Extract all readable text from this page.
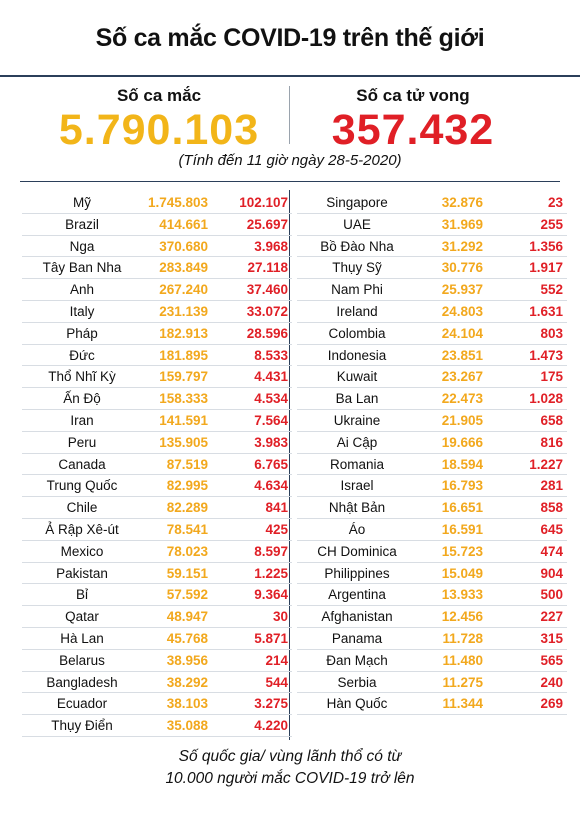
Số ca mắc COVID-19 trên thế giới
Số ca mắc
5.790.103
Số ca tử vong
357.432
(Tính đến 11 giờ ngày 28-5-2020)
Mỹ	1.745.803 102.107
Brazil	414.661	25.697
Nga	370.680	3.968
Tây Ban Nha	283.849	27.118
Anh	267.240	37.460
Italy	231.139	33.072
Pháp	182.913	28.596
Đức	181.895	8.533
Thổ Nhĩ Kỳ	159.797	4.431
Ấn Độ	158.333	4.534
Iran	141.591	7.564
Peru	135.905	3.983
Canada	87.519	6.765
Trung Quốc	82.995	4.634
Chile	82.289	841
Ả Rập Xê-út	78.541	425
Mexico	78.023	8.597
Pakistan	59.151	1.225
Bỉ	57.592	9.364
Qatar	48.947	30
Hà Lan	45.768	5.871
Belarus	38.956	214
Bangladesh	38.292	544
Ecuador	38.103	3.275
Thụy Điển	35.088	4.220
Singapore	32.876	23
UAE	31.969	255
Bồ Đào Nha	31.292	1.356
Thụy Sỹ	30.776	1.917
Nam Phi	25.937	552
Ireland	24.803	1.631
Colombia	24.104	803
Indonesia	23.851	1.473
Kuwait	23.267	175
Ba Lan	22.473	1.028
Ukraine	21.905	658
Ai Cập	19.666	816
Romania	18.594	1.227
Israel	16.793	281
Nhật Bản	16.651	858
Áo	16.591	645
CH Dominica	15.723	474
Philippines	15.049	904
Argentina	13.933	500
Afghanistan	12.456	227
Panama	11.728	315
Đan Mạch	11.480	565
Serbia	11.275	240
Hàn Quốc	11.344	269
Số quốc gia/ vùng lãnh thổ có từ
10.000 người mắc COVID-19 trở lên
